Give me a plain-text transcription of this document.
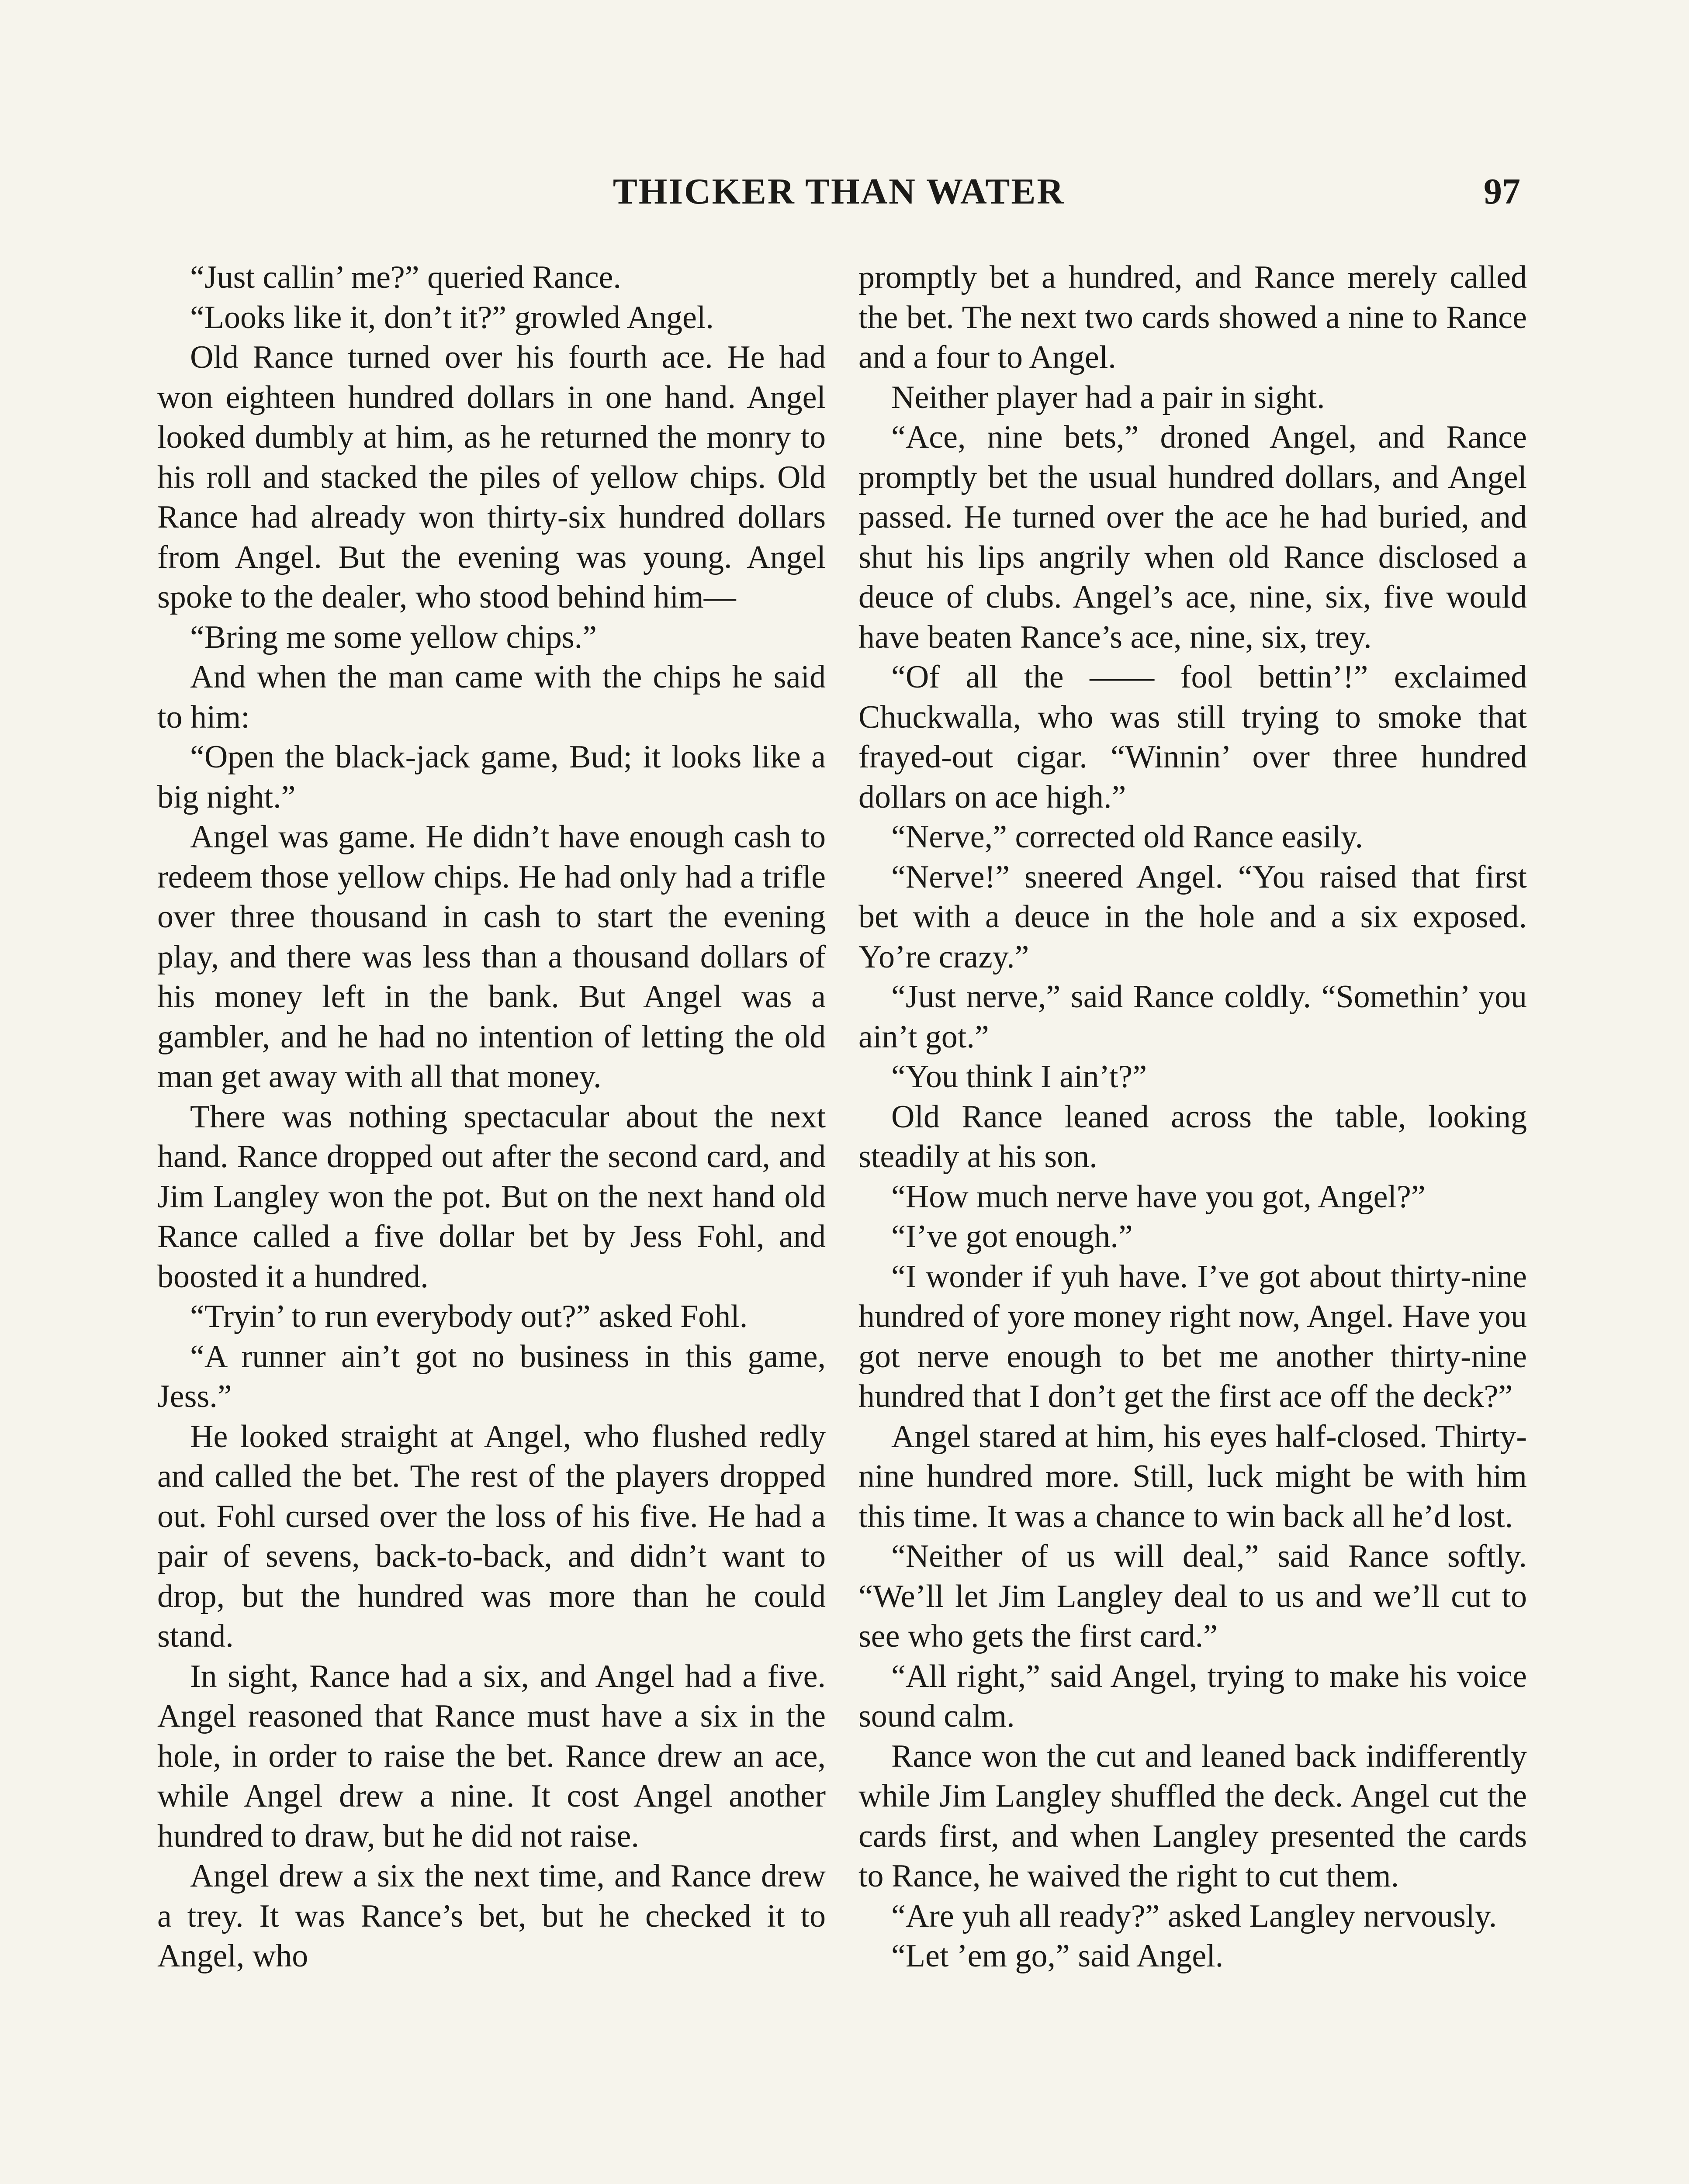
THICKER THAN WATER	97

“Just callin’ me?” queried Rance.

“Looks like it, don’t it?” growled Angel.

Old Rance turned over his fourth ace. He had won eighteen hundred dollars in one hand. Angel looked dumbly at him, as he returned the monry to his roll and stacked the piles of yellow chips. Old Rance had already won thirty-six hundred dollars from Angel. But the evening was young. Angel spoke to the dealer, who stood behind him—

“Bring me some yellow chips.”

And when the man came with the chips he said to him:

“Open the black-jack game, Bud; it looks like a big night.”

Angel was game. He didn’t have enough cash to redeem those yellow chips. He had only had a trifle over three thousand in cash to start the evening play, and there was less than a thousand dollars of his money left in the bank. But Angel was a gambler, and he had no intention of letting the old man get away with all that money.

There was nothing spectacular about the next hand. Rance dropped out after the second card, and Jim Langley won the pot. But on the next hand old Rance called a five dollar bet by Jess Fohl, and boosted it a hundred.

“Tryin’ to run everybody out?” asked Fohl.

“A runner ain’t got no business in this game, Jess.”

He looked straight at Angel, who flushed redly and called the bet. The rest of the players dropped out. Fohl cursed over the loss of his five. He had a pair of sevens, back-to-back, and didn’t want to drop, but the hundred was more than he could stand.

In sight, Rance had a six, and Angel had a five. Angel reasoned that Rance must have a six in the hole, in order to raise the bet. Rance drew an ace, while Angel drew a nine. It cost Angel another hundred to draw, but he did not raise.

Angel drew a six the next time, and Rance drew a trey. It was Rance’s bet, but he checked it to Angel, who

promptly bet a hundred, and Rance merely called the bet. The next two cards showed a nine to Rance and a four to Angel.

Neither player had a pair in sight.

“Ace, nine bets,” droned Angel, and Rance promptly bet the usual hundred dollars, and Angel passed. He turned over the ace he had buried, and shut his lips angrily when old Rance disclosed a deuce of clubs. Angel’s ace, nine, six, five would have beaten Rance’s ace, nine, six, trey.

“Of all the —— fool bettin’!” exclaimed Chuckwalla, who was still trying to smoke that frayed-out cigar. “Winnin’ over three hundred dollars on ace high.”

“Nerve,” corrected old Rance easily.

“Nerve!” sneered Angel. “You raised that first bet with a deuce in the hole and a six exposed. Yo’re crazy.”

“Just nerve,” said Rance coldly. “Somethin’ you ain’t got.”

“You think I ain’t?”

Old Rance leaned across the table, looking steadily at his son.

“How much nerve have you got, Angel?”

“I’ve got enough.”

“I wonder if yuh have. I’ve got about thirty-nine hundred of yore money right now, Angel. Have you got nerve enough to bet me another thirty-nine hundred that I don’t get the first ace off the deck?”

Angel stared at him, his eyes half-closed. Thirty-nine hundred more. Still, luck might be with him this time. It was a chance to win back all he’d lost.

“Neither of us will deal,” said Rance softly. “We’ll let Jim Langley deal to us and we’ll cut to see who gets the first card.”

“All right,” said Angel, trying to make his voice sound calm.

Rance won the cut and leaned back indifferently while Jim Langley shuffled the deck. Angel cut the cards first, and when Langley presented the cards to Rance, he waived the right to cut them.

“Are yuh all ready?” asked Langley nervously.

“Let ’em go,” said Angel.
